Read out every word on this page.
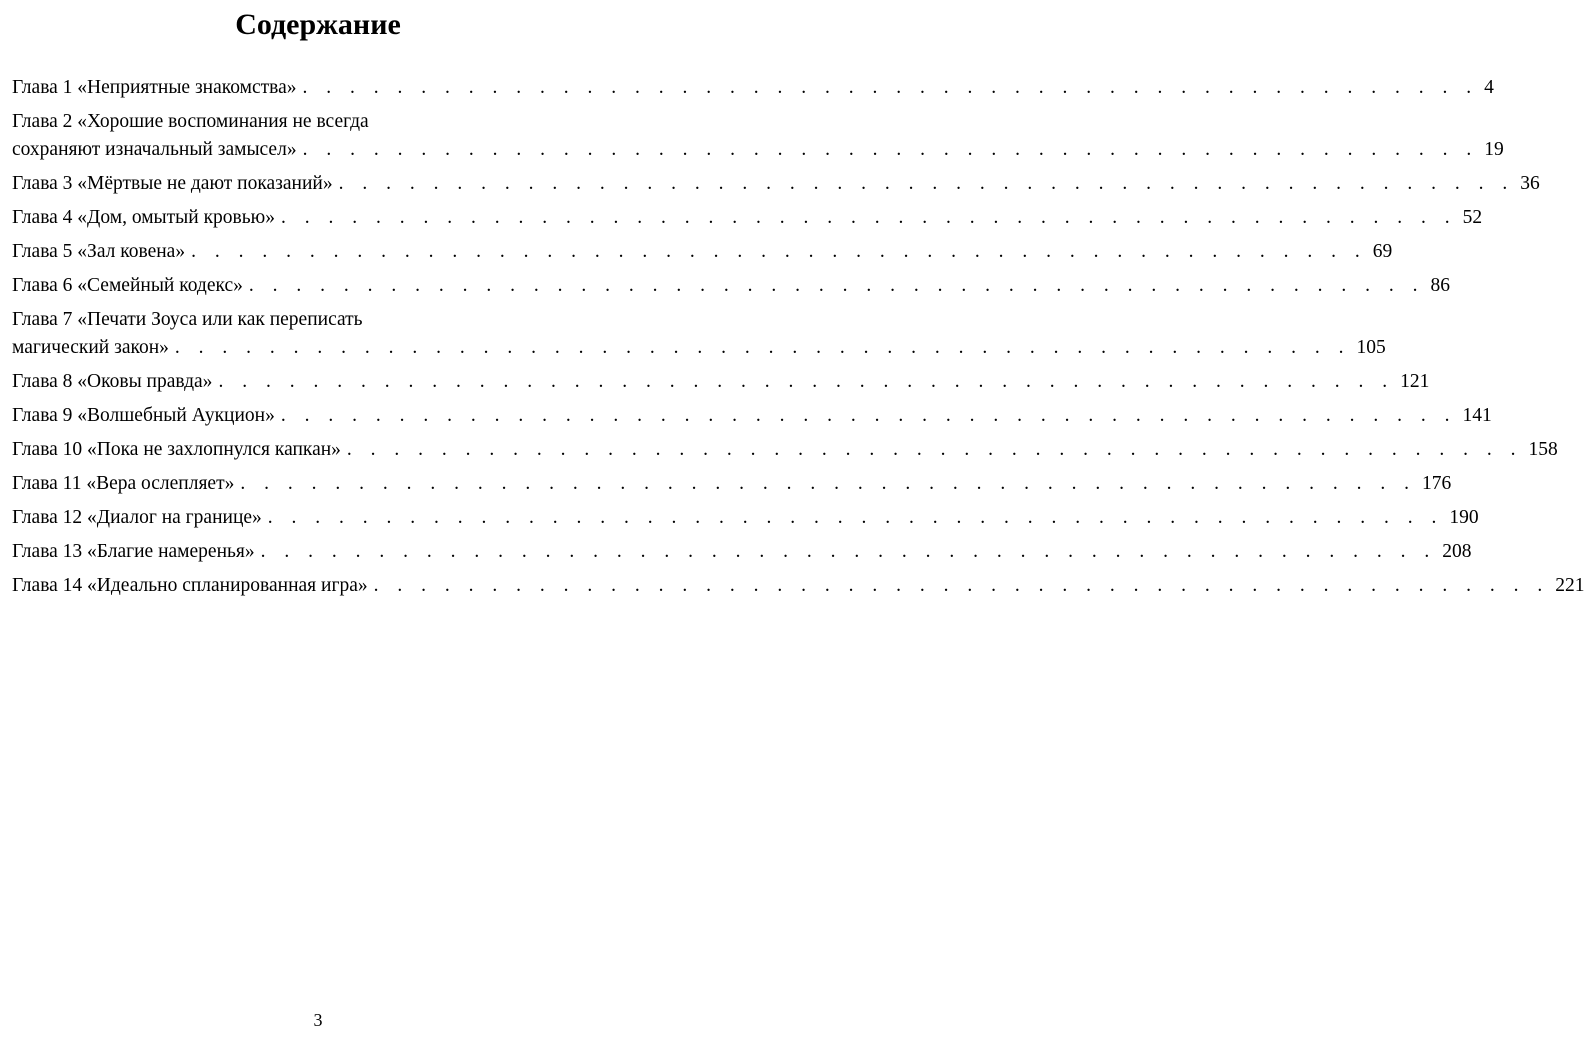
Содержание
Глава 1 «Неприятные знакомства» . . . . . . . . . . . . . . . . . . . . . . . . . . . . . . . . . . . . . . . . . . . . . . . . . . 4
Глава 2 «Хорошие воспоминания не всегда
сохраняют изначальный замысел» . . . . . . . . . . . . . . . . . . . . . . . . . . . . . . . . . . . . . . . . . . . . . . . . . . 19
Глава 3 «Мёртвые не дают показаний» . . . . . . . . . . . . . . . . . . . . . . . . . . . . . . . . . . . . . . . . . . . . . . . . . . 36
Глава 4 «Дом, омытый кровью» . . . . . . . . . . . . . . . . . . . . . . . . . . . . . . . . . . . . . . . . . . . . . . . . . . 52
Глава 5 «Зал ковена» . . . . . . . . . . . . . . . . . . . . . . . . . . . . . . . . . . . . . . . . . . . . . . . . . . 69
Глава 6 «Семейный кодекс» . . . . . . . . . . . . . . . . . . . . . . . . . . . . . . . . . . . . . . . . . . . . . . . . . . 86
Глава 7 «Печати Зоуса или как переписать
магический закон» . . . . . . . . . . . . . . . . . . . . . . . . . . . . . . . . . . . . . . . . . . . . . . . . . . 105
Глава 8 «Оковы правда» . . . . . . . . . . . . . . . . . . . . . . . . . . . . . . . . . . . . . . . . . . . . . . . . . . 121
Глава 9 «Волшебный Аукцион» . . . . . . . . . . . . . . . . . . . . . . . . . . . . . . . . . . . . . . . . . . . . . . . . . . 141
Глава 10 «Пока не захлопнулся капкан» . . . . . . . . . . . . . . . . . . . . . . . . . . . . . . . . . . . . . . . . . . . . . . . . . . 158
Глава 11 «Вера ослепляет» . . . . . . . . . . . . . . . . . . . . . . . . . . . . . . . . . . . . . . . . . . . . . . . . . . 176
Глава 12 «Диалог на границе» . . . . . . . . . . . . . . . . . . . . . . . . . . . . . . . . . . . . . . . . . . . . . . . . . . 190
Глава 13 «Благие намеренья» . . . . . . . . . . . . . . . . . . . . . . . . . . . . . . . . . . . . . . . . . . . . . . . . . . 208
Глава 14 «Идеально спланированная игра» . . . . . . . . . . . . . . . . . . . . . . . . . . . . . . . . . . . . . . . . . . . . . . . . . . 221
3
